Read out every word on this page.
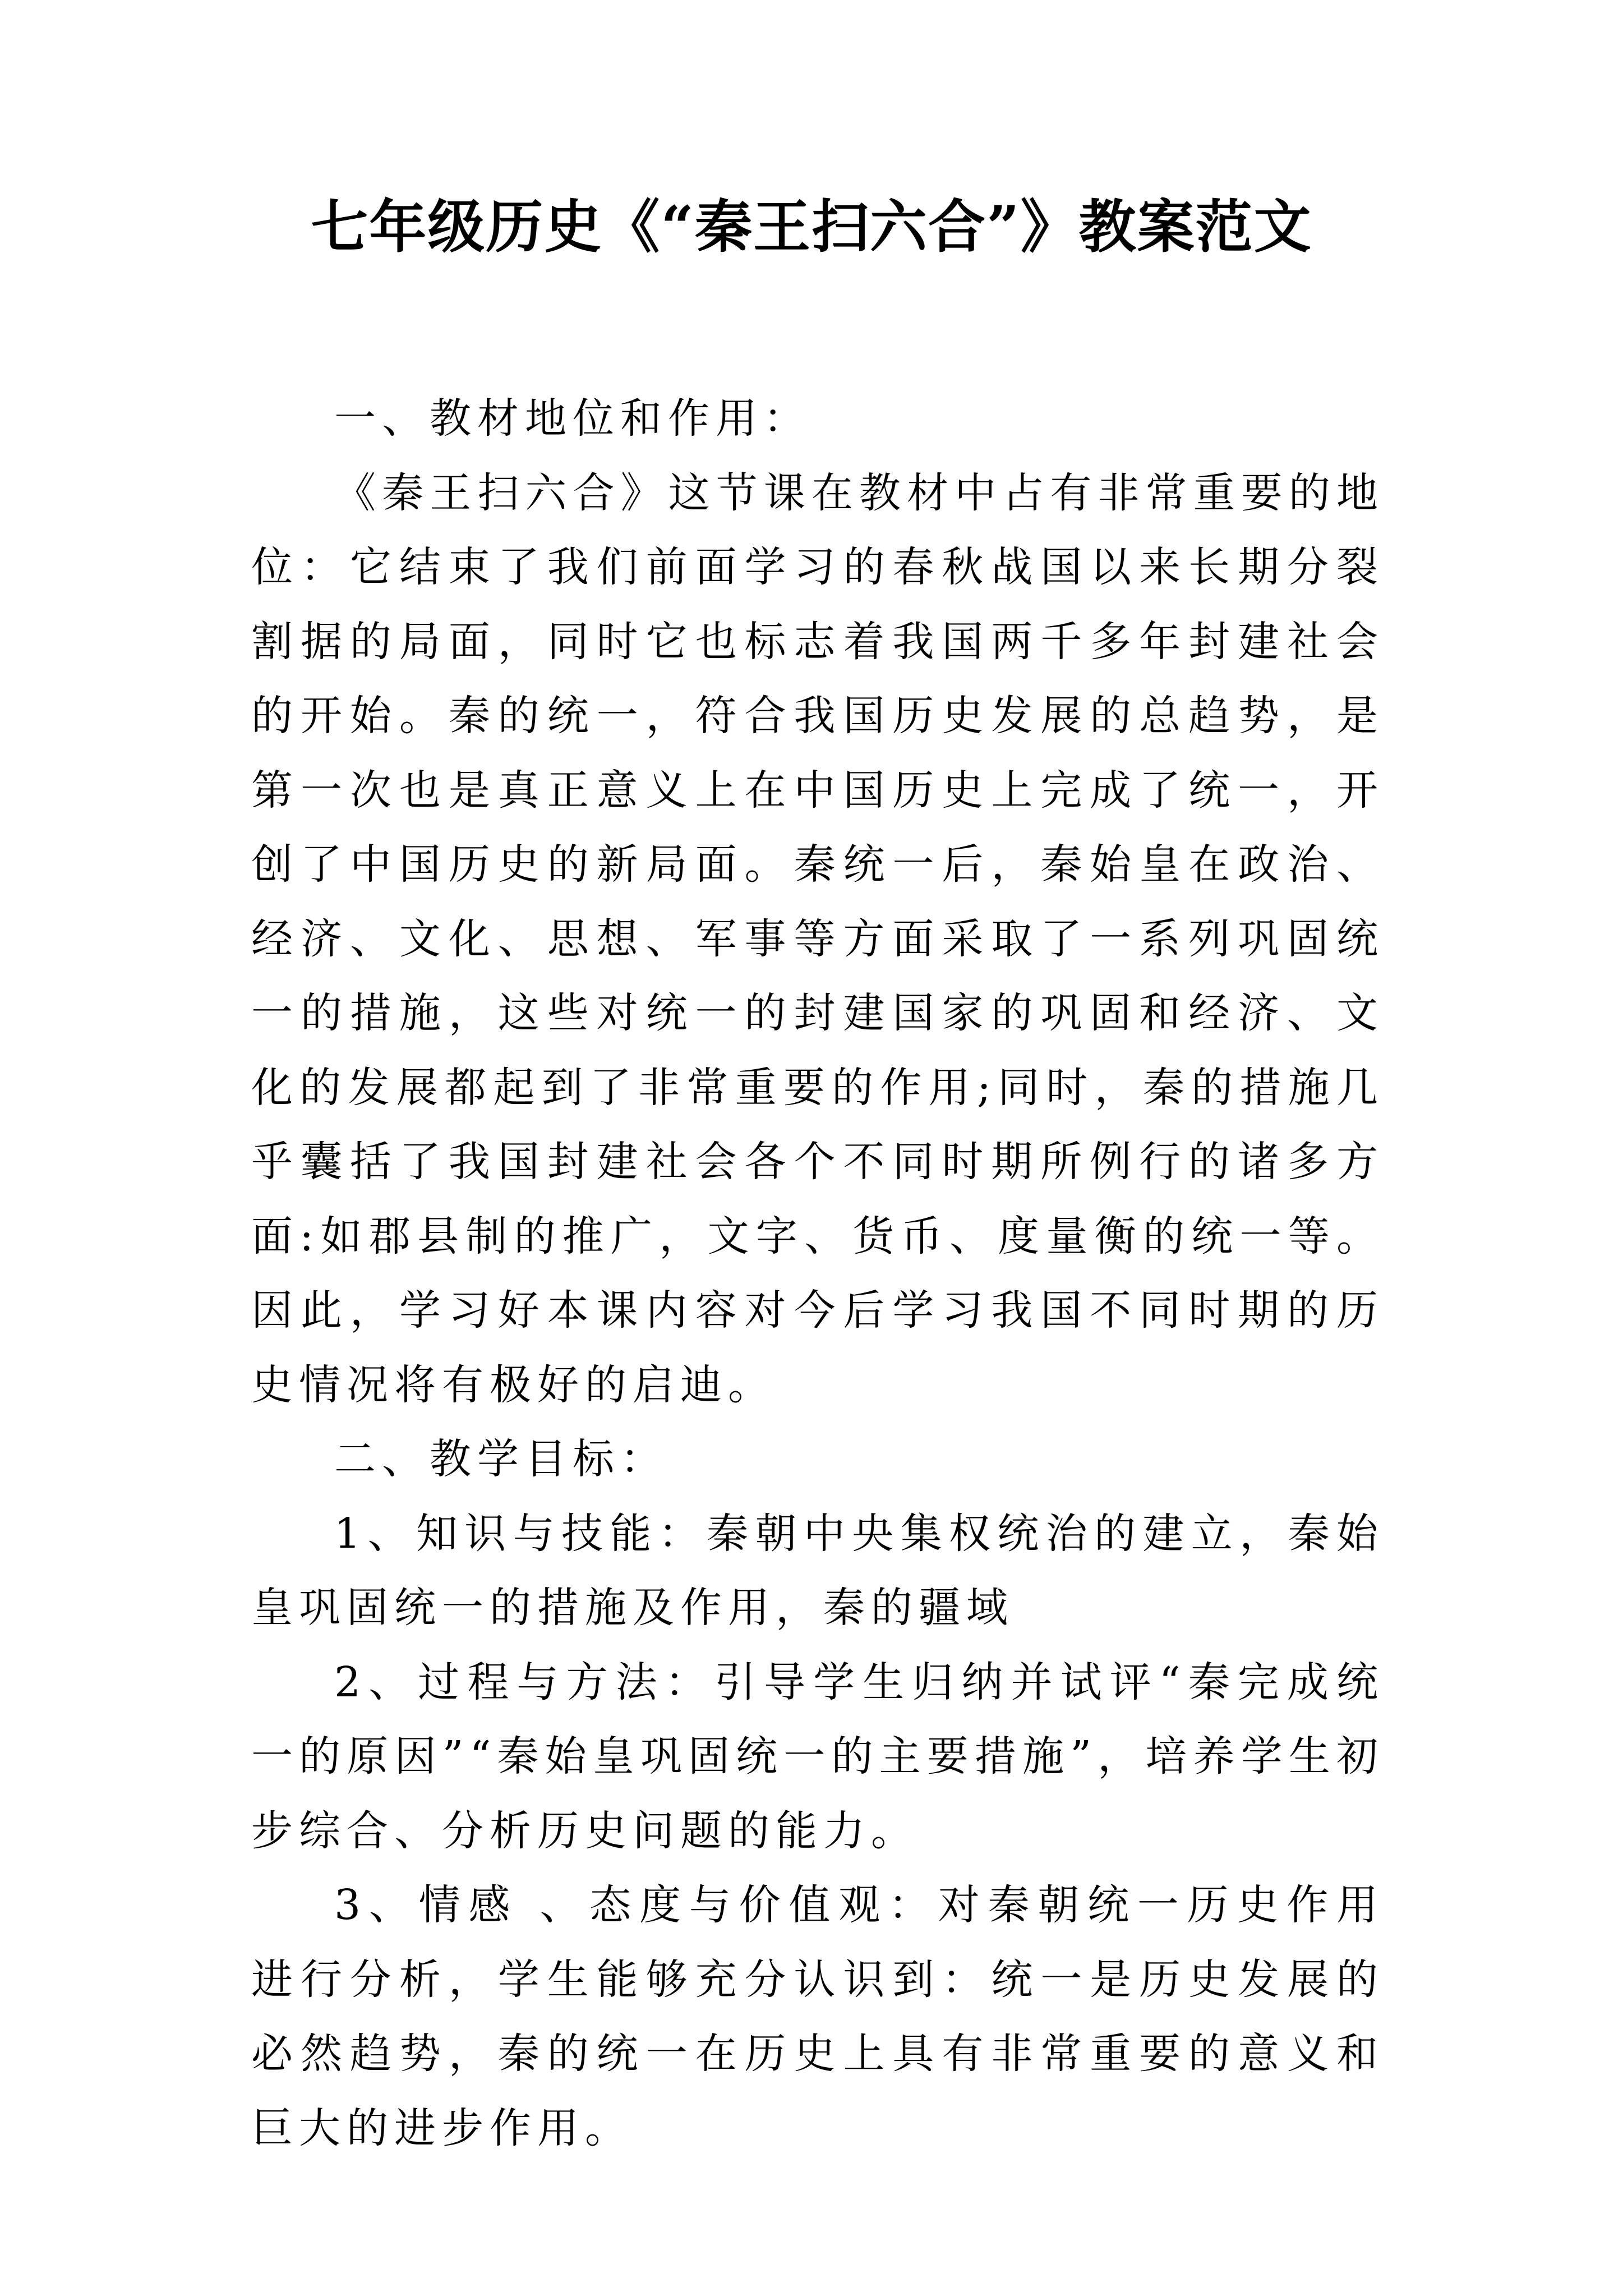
七年级历史《“秦王扫六合”》教案范文

一、教材地位和作用：

《秦王扫六合》这节课在教材中占有非常重要的地位：它结束了我们前面学习的春秋战国以来长期分裂割据的局面，同时它也标志着我国两千多年封建社会的开始。秦的统一，符合我国历史发展的总趋势，是第一次也是真正意义上在中国历史上完成了统一，开创了中国历史的新局面。秦统一后，秦始皇在政治、经济、文化、思想、军事等方面采取了一系列巩固统一的措施，这些对统一的封建国家的巩固和经济、文化的发展都起到了非常重要的作用;同时，秦的措施几乎囊括了我国封建社会各个不同时期所例行的诸多方面:如郡县制的推广，文字、货币、度量衡的统一等。因此，学习好本课内容对今后学习我国不同时期的历史情况将有极好的启迪。

二、教学目标：

1、知识与技能：秦朝中央集权统治的建立，秦始皇巩固统一的措施及作用，秦的疆域

2、过程与方法：引导学生归纳并试评“秦完成统一的原因”“秦始皇巩固统一的主要措施”，培养学生初步综合、分析历史问题的能力。

3、情感 、态度与价值观：对秦朝统一历史作用进行分析，学生能够充分认识到：统一是历史发展的必然趋势，秦的统一在历史上具有非常重要的意义和巨大的进步作用。
